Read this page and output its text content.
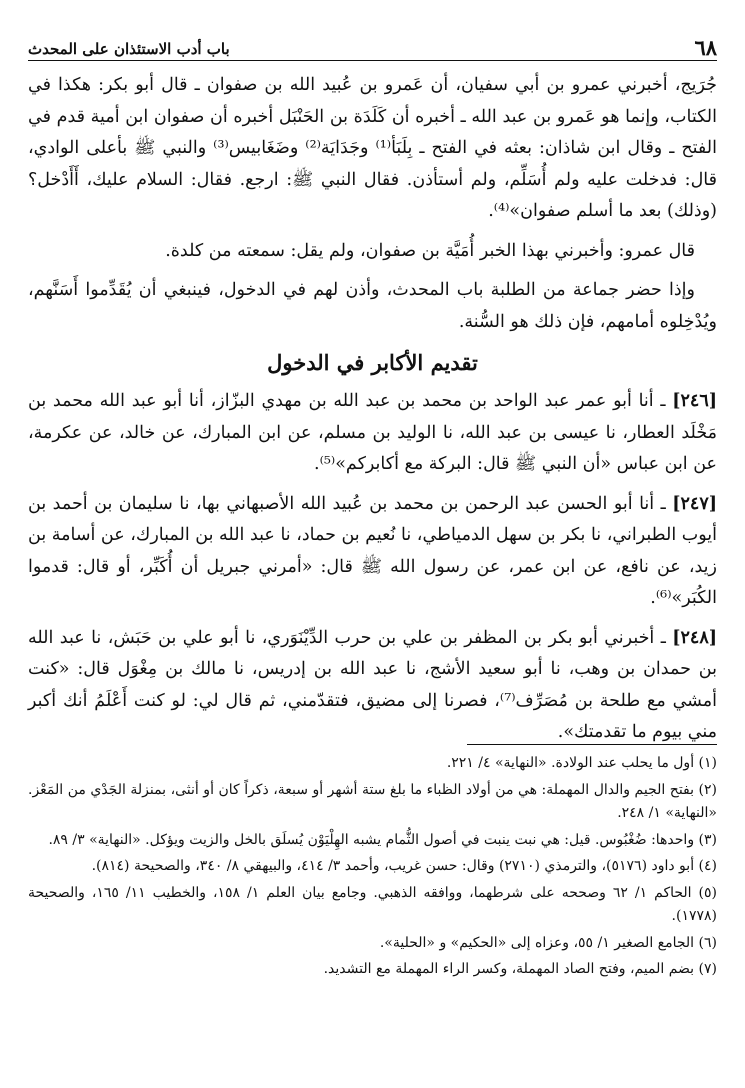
٦٨
باب أدب الاستئذان على المحدث

جُرَيج، أخبرني عمرو بن أبي سفيان، أن عَمرو بن عُبيد الله بن صفوان ـ قال أبو بكر: هكذا في الكتاب، وإنما هو عَمرو بن عبد الله ـ أخبره أن كَلَدَة بن الحَنْبَل أخبره أن صفوان ابن أمية قدم في الفتح ـ وقال ابن شاذان: بعثه في الفتح ـ بِلَبَأ⁽¹⁾ وجَدَايَة⁽²⁾ وضَغَابيس⁽³⁾ والنبي ﷺ بأعلى الوادي، قال: فدخلت عليه ولم أُسَلِّم، ولم أستأذن. فقال النبي ﷺ: ارجع. فقال: السلام عليك، أَأَدْخل؟ (وذلك) بعد ما أسلم صفوان»⁽⁴⁾.

قال عمرو: وأخبرني بهذا الخبر أُمَيَّة بن صفوان، ولم يقل: سمعته من كلدة.

وإذا حضر جماعة من الطلبة باب المحدث، وأذن لهم في الدخول، فينبغي أن يُقَدِّموا أَسَنَّهم، ويُدْخِلوه أمامهم، فإن ذلك هو السُّنة.

تقديم الأكابر في الدخول

[٢٤٦] ـ أنا أبو عمر عبد الواحد بن محمد بن عبد الله بن مهدي البزّاز، أنا أبو عبد الله محمد بن مَخْلَد العطار، نا عيسى بن عبد الله، نا الوليد بن مسلم، عن ابن المبارك، عن خالد، عن عكرمة، عن ابن عباس «أن النبي ﷺ قال: البركة مع أكابركم»⁽⁵⁾.

[٢٤٧] ـ أنا أبو الحسن عبد الرحمن بن محمد بن عُبيد الله الأصبهاني بها، نا سليمان بن أحمد بن أيوب الطبراني، نا بكر بن سهل الدمياطي، نا نُعيم بن حماد، نا عبد الله بن المبارك، عن أسامة بن زيد، عن نافع، عن ابن عمر، عن رسول الله ﷺ قال: «أمرني جبريل أن أُكَبِّر، أو قال: قدموا الكُبَر»⁽⁶⁾.

[٢٤٨] ـ أخبرني أبو بكر بن المظفر بن علي بن حرب الدِّيْنَوَري، نا أبو علي بن حَبَش، نا عبد الله بن حمدان بن وهب، نا أبو سعيد الأشج، نا عبد الله بن إدريس، نا مالك بن مِغْوَل قال: «كنت أمشي مع طلحة بن مُصَرِّف⁽⁷⁾، فصرنا إلى مضيق، فتقدّمني، ثم قال لي: لو كنت أَعْلَمُ أنك أكبر مني بيوم ما تقدمتك».

(١) أول ما يحلب عند الولادة. «النهاية» ٤/ ٢٢١.

(٢) بفتح الجيم والدال المهملة: هي من أولاد الظباء ما بلغ ستة أشهر أو سبعة، ذكراً كان أو أنثى، بمنزلة الجَدْي من المَعْز. «النهاية» ١/ ٢٤٨.

(٣) واحدها: ضُغْبُوس. قيل: هي نبت ينبت في أصول الثُّمام يشبه الهِلْيَوْن يُسلَق بالخل والزيت ويؤكل. «النهاية» ٣/ ٨٩.

(٤) أبو داود (٥١٧٦)، والترمذي (٢٧١٠) وقال: حسن غريب، وأحمد ٣/ ٤١٤، والبيهقي ٨/ ٣٤٠، والصحيحة (٨١٤).

(٥) الحاكم ١/ ٦٢ وصححه على شرطهما، ووافقه الذهبي. وجامع بيان العلم ١/ ١٥٨، والخطيب ١١/ ١٦٥، والصحيحة (١٧٧٨).

(٦) الجامع الصغير ١/ ٥٥، وعزاه إلى «الحكيم» و «الحلية».

(٧) بضم الميم، وفتح الصاد المهملة، وكسر الراء المهملة مع التشديد.
